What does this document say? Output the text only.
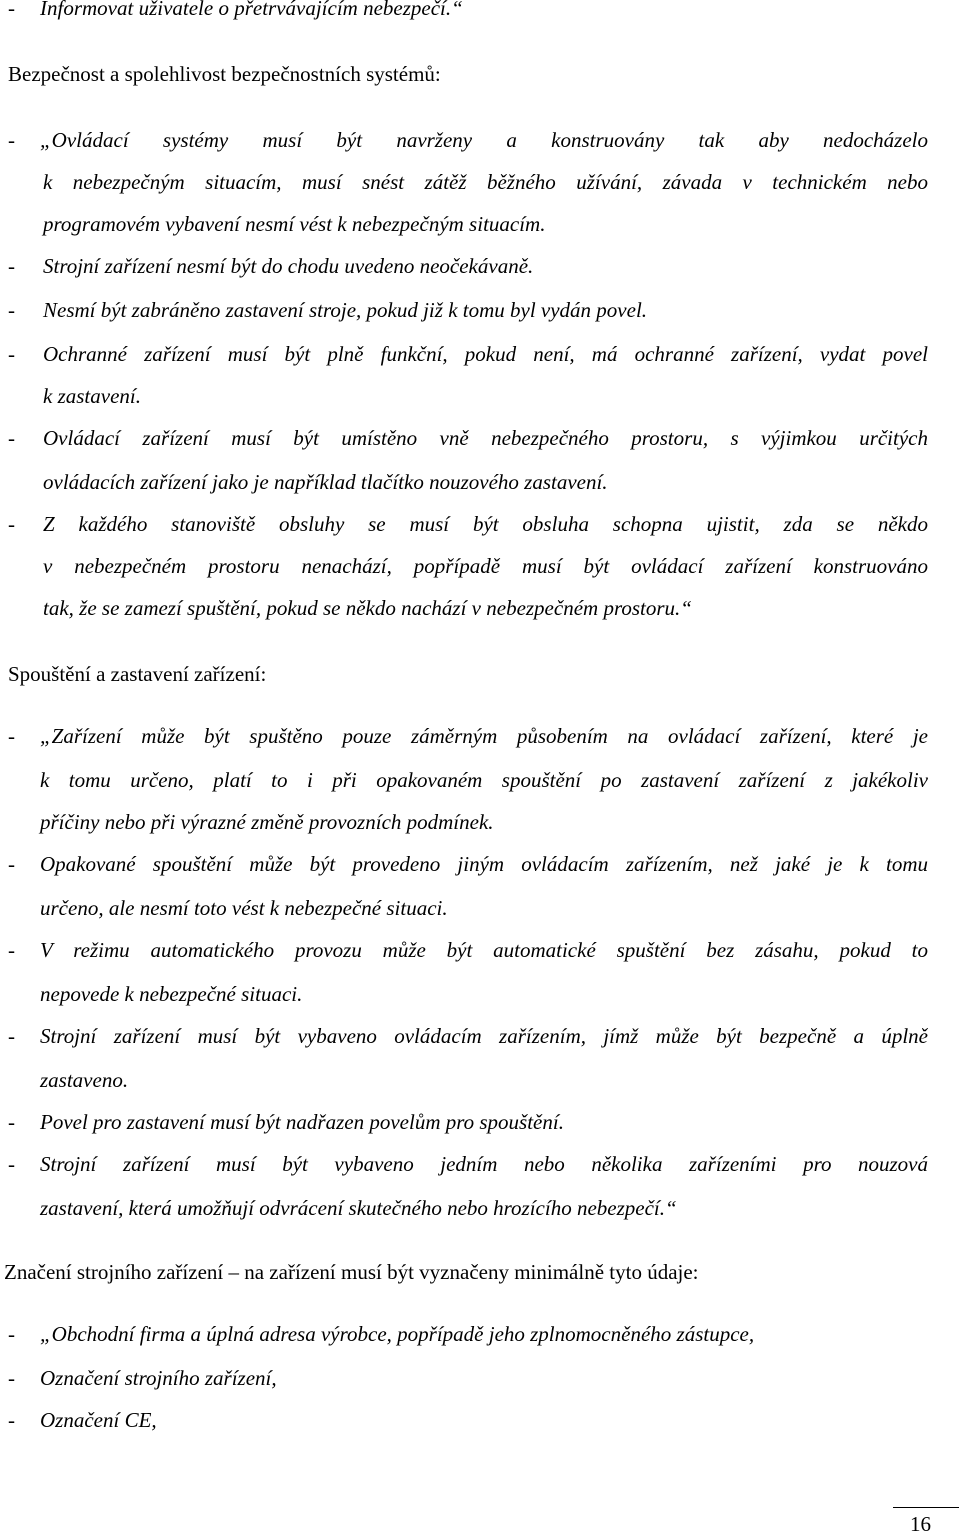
- Informovat uživatele o přetrvávajícím nebezpečí.“
Bezpečnost a spolehlivost bezpečnostních systémů:
- „Ovládací systémy musí být navrženy a konstruovány tak aby nedocházelo
k nebezpečným situacím, musí snést zátěž běžného užívání, závada v technickém nebo
programovém vybavení nesmí vést k nebezpečným situacím.
- Strojní zařízení nesmí být do chodu uvedeno neočekávaně.
- Nesmí být zabráněno zastavení stroje, pokud již k tomu byl vydán povel.
- Ochranné zařízení musí být plně funkční, pokud není, má ochranné zařízení, vydat povel
k zastavení.
- Ovládací zařízení musí být umístěno vně nebezpečného prostoru, s výjimkou určitých
ovládacích zařízení jako je například tlačítko nouzového zastavení.
- Z každého stanoviště obsluhy se musí být obsluha schopna ujistit, zda se někdo
v nebezpečném prostoru nenachází, popřípadě musí být ovládací zařízení konstruováno
tak, že se zamezí spuštění, pokud se někdo nachází v nebezpečném prostoru.“
Spouštění a zastavení zařízení:
- „Zařízení může být spuštěno pouze záměrným působením na ovládací zařízení, které je
k tomu určeno, platí to i při opakovaném spouštění po zastavení zařízení z jakékoliv
příčiny nebo při výrazné změně provozních podmínek.
- Opakované spouštění může být provedeno jiným ovládacím zařízením, než jaké je k tomu
určeno, ale nesmí toto vést k nebezpečné situaci.
- V režimu automatického provozu může být automatické spuštění bez zásahu, pokud to
nepovede k nebezpečné situaci.
- Strojní zařízení musí být vybaveno ovládacím zařízením, jímž může být bezpečně a úplně
zastaveno.
- Povel pro zastavení musí být nadřazen povelům pro spouštění.
- Strojní zařízení musí být vybaveno jedním nebo několika zařízeními pro nouzová
zastavení, která umožňují odvrácení skutečného nebo hrozícího nebezpečí.“
Značení strojního zařízení – na zařízení musí být vyznačeny minimálně tyto údaje:
- „Obchodní firma a úplná adresa výrobce, popřípadě jeho zplnomocněného zástupce,
- Označení strojního zařízení,
- Označení CE,
16
